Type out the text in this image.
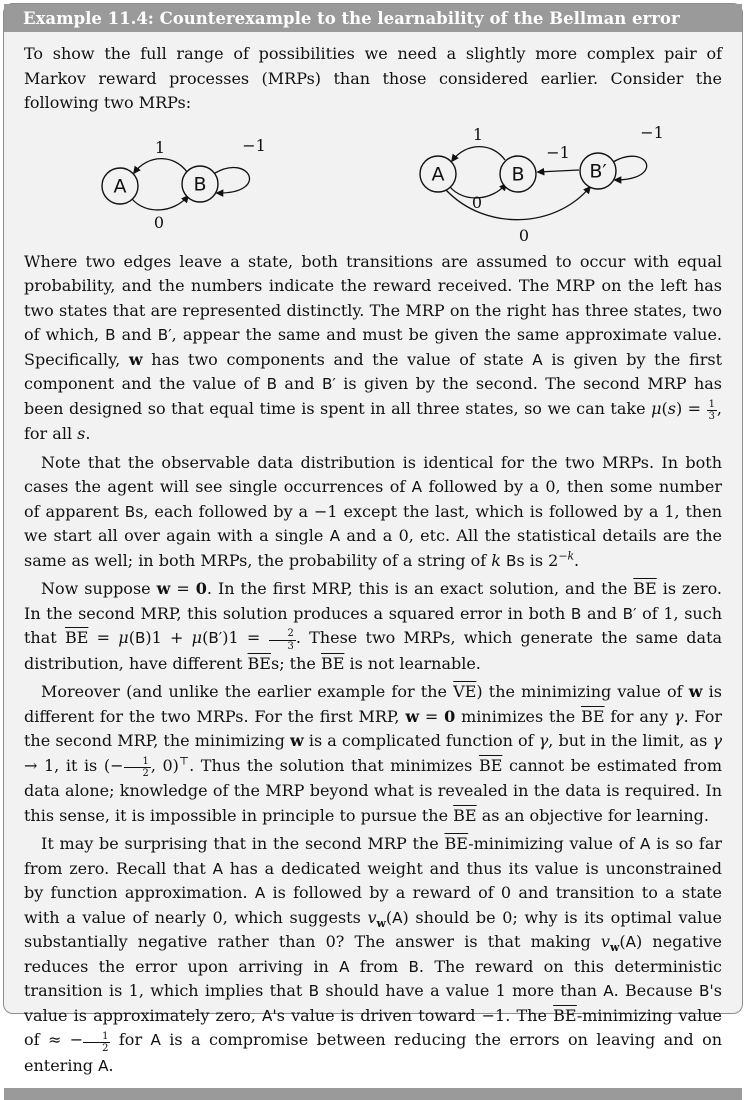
Example 11.4: Counterexample to the learnability of the Bellman error

To show the full range of possibilities we need a slightly more complex pair of Markov reward processes (MRPs) than those considered earlier. Consider the following two MRPs:

A	B
1
0
−1
A	B	B′
1
0
−1
−1
0

Where two edges leave a state, both transitions are assumed to occur with equal probability, and the numbers indicate the reward received. The MRP on the left has two states that are represented distinctly. The MRP on the right has three states, two of which, B and B′, appear the same and must be given the same approximate value. Specifically, w has two components and the value of state A is given by the first component and the value of B and B′ is given by the second. The second MRP has been designed so that equal time is spent in all three states, so we can take $\mu(s) = \frac{1}{3}$ , for all s.

Note that the observable data distribution is identical for the two MRPs. In both cases the agent will see single occurrences of A followed by a 0, then some number of apparent Bs, each followed by a −1 except the last, which is followed by a 1, then we start all over again with a single A and a 0, etc. All the statistical details are the same as well; in both MRPs, the probability of a string of k Bs is $2^{-k}$.

Now suppose w = 0. In the first MRP, this is an exact solution, and the $\overline{BE}$ is zero. In the second MRP, this solution produces a squared error in both B and B′ of 1, such that $\overline{BE} = \mu(B)1 + \mu(B')1 = \frac{2}{3}$ . These two MRPs, which generate the same data distribution, have different $\overline{BE}s$; the $\overline{BE}$ is not learnable.

Moreover (and unlike the earlier example for the $\overline{VE}$) the minimizing value of w is different for the two MRPs. For the first MRP, w = 0 minimizes the $\overline{BE}$ for any γ. For the second MRP, the minimizing w is a complicated function of γ, but in the limit, as γ → 1, it is (− $\frac{1}{2}$ , 0)⊤. Thus the solution that minimizes $\overline{BE}$ cannot be estimated from data alone; knowledge of the MRP beyond what is revealed in the data is required. In this sense, it is impossible in principle to pursue the $\overline{BE}$ as an objective for learning.

It may be surprising that in the second MRP the $\overline{BE}$-minimizing value of A is so far from zero. Recall that A has a dedicated weight and thus its value is unconstrained by function approximation. A is followed by a reward of 0 and transition to a state with a value of nearly 0, which suggests $v_w(A)$ should be 0; why is its optimal value substantially negative rather than 0? The answer is that making $v_w(A)$ negative reduces the error upon arriving in A from B. The reward on this deterministic transition is 1, which implies that B should have a value 1 more than A. Because B's value is approximately zero, A's value is driven toward −1. The $\overline{BE}$-minimizing value of ≈ − $\frac{1}{2}$ for A is a compromise between reducing the errors on leaving and on entering A.
